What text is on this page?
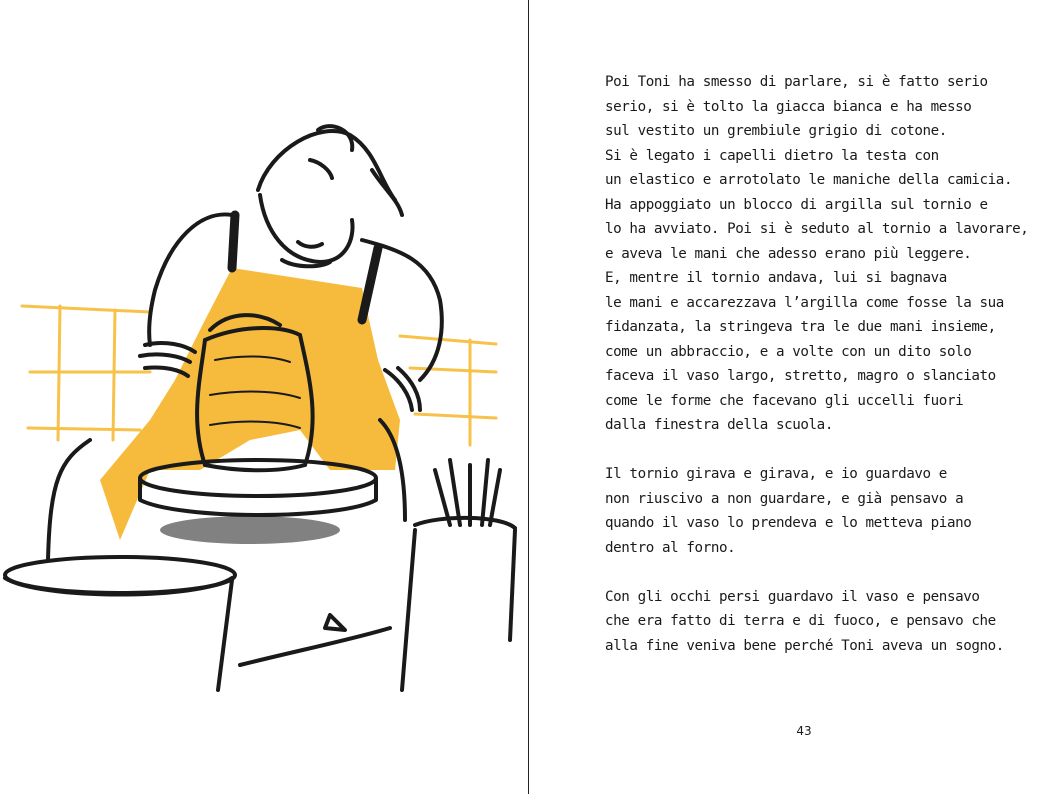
Poi Toni ha smesso di parlare, si è fatto serio
serio, si è tolto la giacca bianca e ha messo
sul vestito un grembiule grigio di cotone.
Si è legato i capelli dietro la testa con
un elastico e arrotolato le maniche della camicia.
Ha appoggiato un blocco di argilla sul tornio e
lo ha avviato. Poi si è seduto al tornio a lavorare,
e aveva le mani che adesso erano più leggere.
E, mentre il tornio andava, lui si bagnava
le mani e accarezzava l’argilla come fosse la sua
fidanzata, la stringeva tra le due mani insieme,
come un abbraccio, e a volte con un dito solo
faceva il vaso largo, stretto, magro o slanciato
come le forme che facevano gli uccelli fuori
dalla finestra della scuola.

Il tornio girava e girava, e io guardavo e
non riuscivo a non guardare, e già pensavo a
quando il vaso lo prendeva e lo metteva piano
dentro al forno.

Con gli occhi persi guardavo il vaso e pensavo
che era fatto di terra e di fuoco, e pensavo che
alla fine veniva bene perché Toni aveva un sogno.

43
